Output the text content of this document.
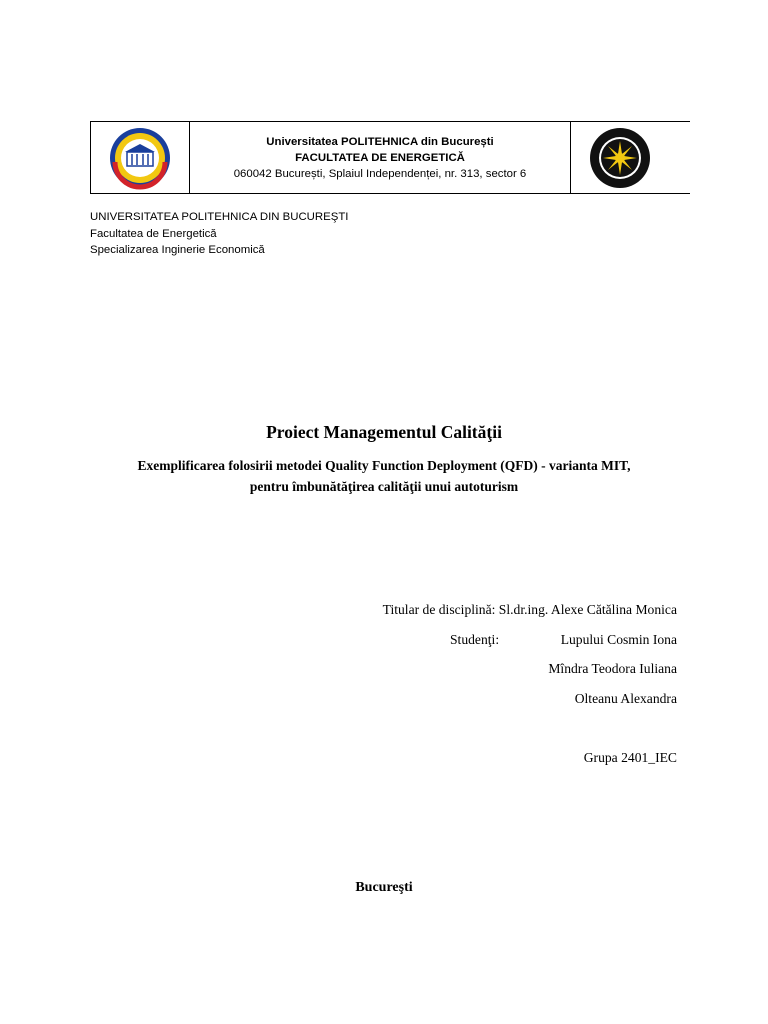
Universitatea POLITEHNICA din București
FACULTATEA DE ENERGETICĂ
060042 București, Splaiul Independenței, nr. 313, sector 6
UNIVERSITATEA POLITEHNICA DIN BUCUREŞTI
Facultatea de Energetică
Specializarea Inginerie Economică
Proiect Managementul Calităţii
Exemplificarea folosirii metodei Quality Function Deployment (QFD) - varianta MIT,
pentru îmbunătăţirea calităţii unui autoturism
Titular de disciplină: Sl.dr.ing. Alexe Cătălina Monica
Studenţi:	Lupului Cosmin Iona
Mîndra Teodora Iuliana
Olteanu Alexandra
Grupa 2401_IEC
Bucureşti
